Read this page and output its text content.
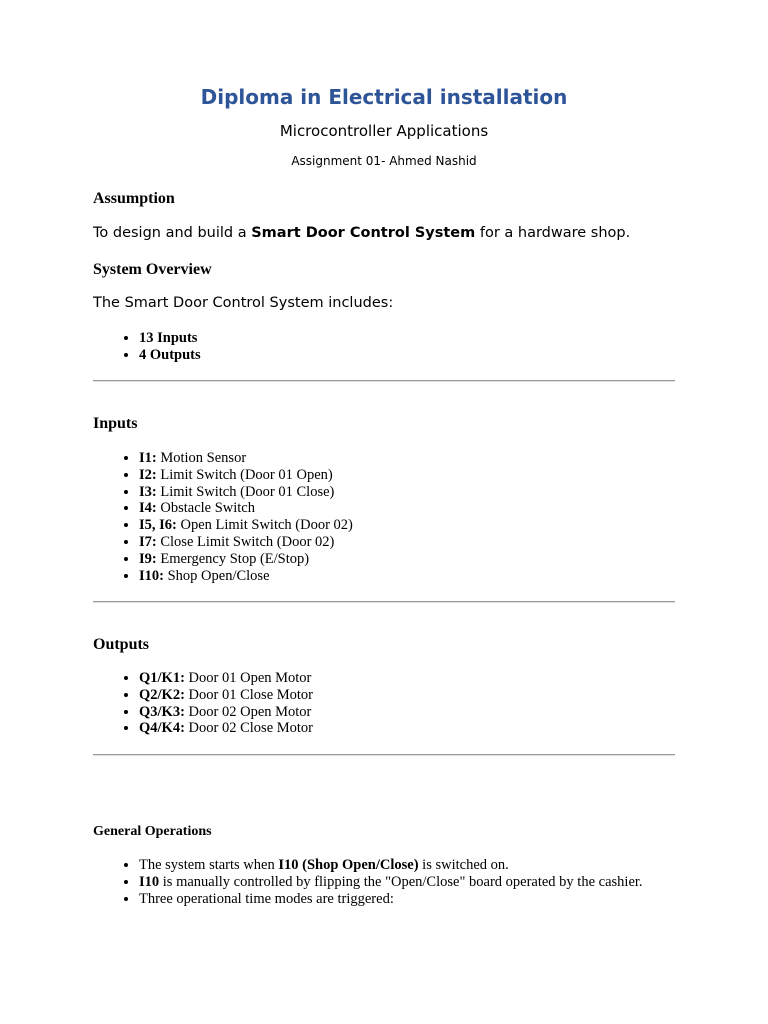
Diploma in Electrical installation

Microcontroller Applications

Assignment 01- Ahmed Nashid

Assumption

To design and build a Smart Door Control System for a hardware shop.

System Overview

The Smart Door Control System includes:

• 13 Inputs
• 4 Outputs
Inputs
• I1: Motion Sensor
• I2: Limit Switch (Door 01 Open)
• I3: Limit Switch (Door 01 Close)
• I4: Obstacle Switch
• I5, I6: Open Limit Switch (Door 02)
• I7: Close Limit Switch (Door 02)
• I9: Emergency Stop (E/Stop)
• I10: Shop Open/Close
Outputs
• Q1/K1: Door 01 Open Motor
• Q2/K2: Door 01 Close Motor
• Q3/K3: Door 02 Open Motor
• Q4/K4: Door 02 Close Motor
General Operations
• The system starts when I10 (Shop Open/Close) is switched on.
• I10 is manually controlled by flipping the "Open/Close" board operated by the cashier.
• Three operational time modes are triggered:
